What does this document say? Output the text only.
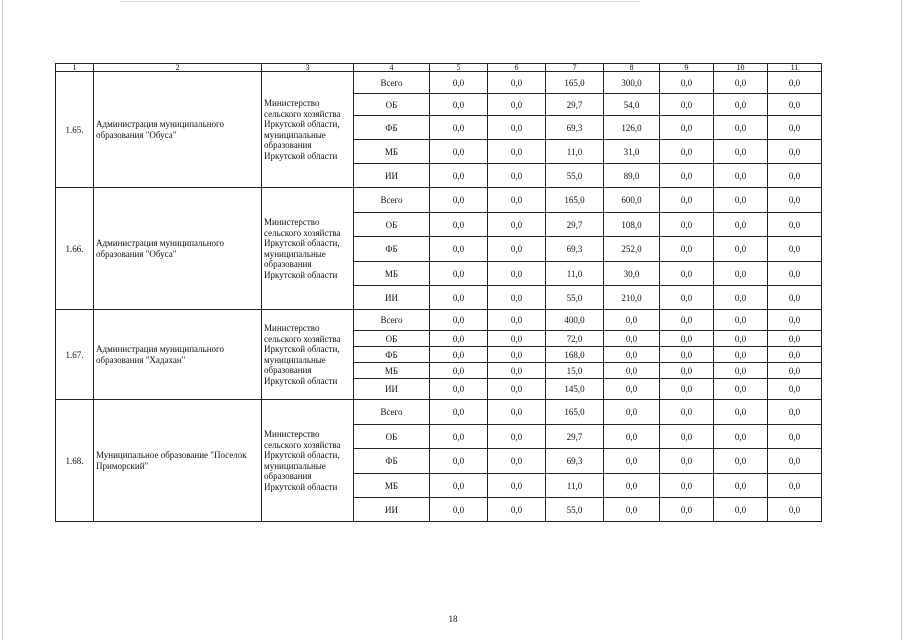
1	2	3	4	5	6	7	8	9	10	11
1.65.	Администрация муниципального образования "Обуса"	Министерство сельского хозяйства Иркутской области, муниципальные образования Иркутской области	Всего	0,0	0,0	165,0	300,0	0,0	0,0	0,0
			ОБ	0,0	0,0	29,7	54,0	0,0	0,0	0,0
			ФБ	0,0	0,0	69,3	126,0	0,0	0,0	0,0
			МБ	0,0	0,0	11,0	31,0	0,0	0,0	0,0
			ИИ	0,0	0,0	55,0	89,0	0,0	0,0	0,0
1.66.	Администрация муниципального образования "Обуса"	Министерство сельского хозяйства Иркутской области, муниципальные образования Иркутской области	Всего	0,0	0,0	165,0	600,0	0,0	0,0	0,0
			ОБ	0,0	0,0	29,7	108,0	0,0	0,0	0,0
			ФБ	0,0	0,0	69,3	252,0	0,0	0,0	0,0
			МБ	0,0	0,0	11,0	30,0	0,0	0,0	0,0
			ИИ	0,0	0,0	55,0	210,0	0,0	0,0	0,0
1.67.	Администрация муниципального образования "Хадахан"	Министерство сельского хозяйства Иркутской области, муниципальные образования Иркутской области	Всего	0,0	0,0	400,0	0,0	0,0	0,0	0,0
			ОБ	0,0	0,0	72,0	0,0	0,0	0,0	0,0
			ФБ	0,0	0,0	168,0	0,0	0,0	0,0	0,0
			МБ	0,0	0,0	15,0	0,0	0,0	0,0	0,0
			ИИ	0,0	0,0	145,0	0,0	0,0	0,0	0,0
1.68.	Муниципальное образование "Поселок Приморский"	Министерство сельского хозяйства Иркутской области, муниципальные образования Иркутской области	Всего	0,0	0,0	165,0	0,0	0,0	0,0	0,0
			ОБ	0,0	0,0	29,7	0,0	0,0	0,0	0,0
			ФБ	0,0	0,0	69,3	0,0	0,0	0,0	0,0
			МБ	0,0	0,0	11,0	0,0	0,0	0,0	0,0
			ИИ	0,0	0,0	55,0	0,0	0,0	0,0	0,0
18
